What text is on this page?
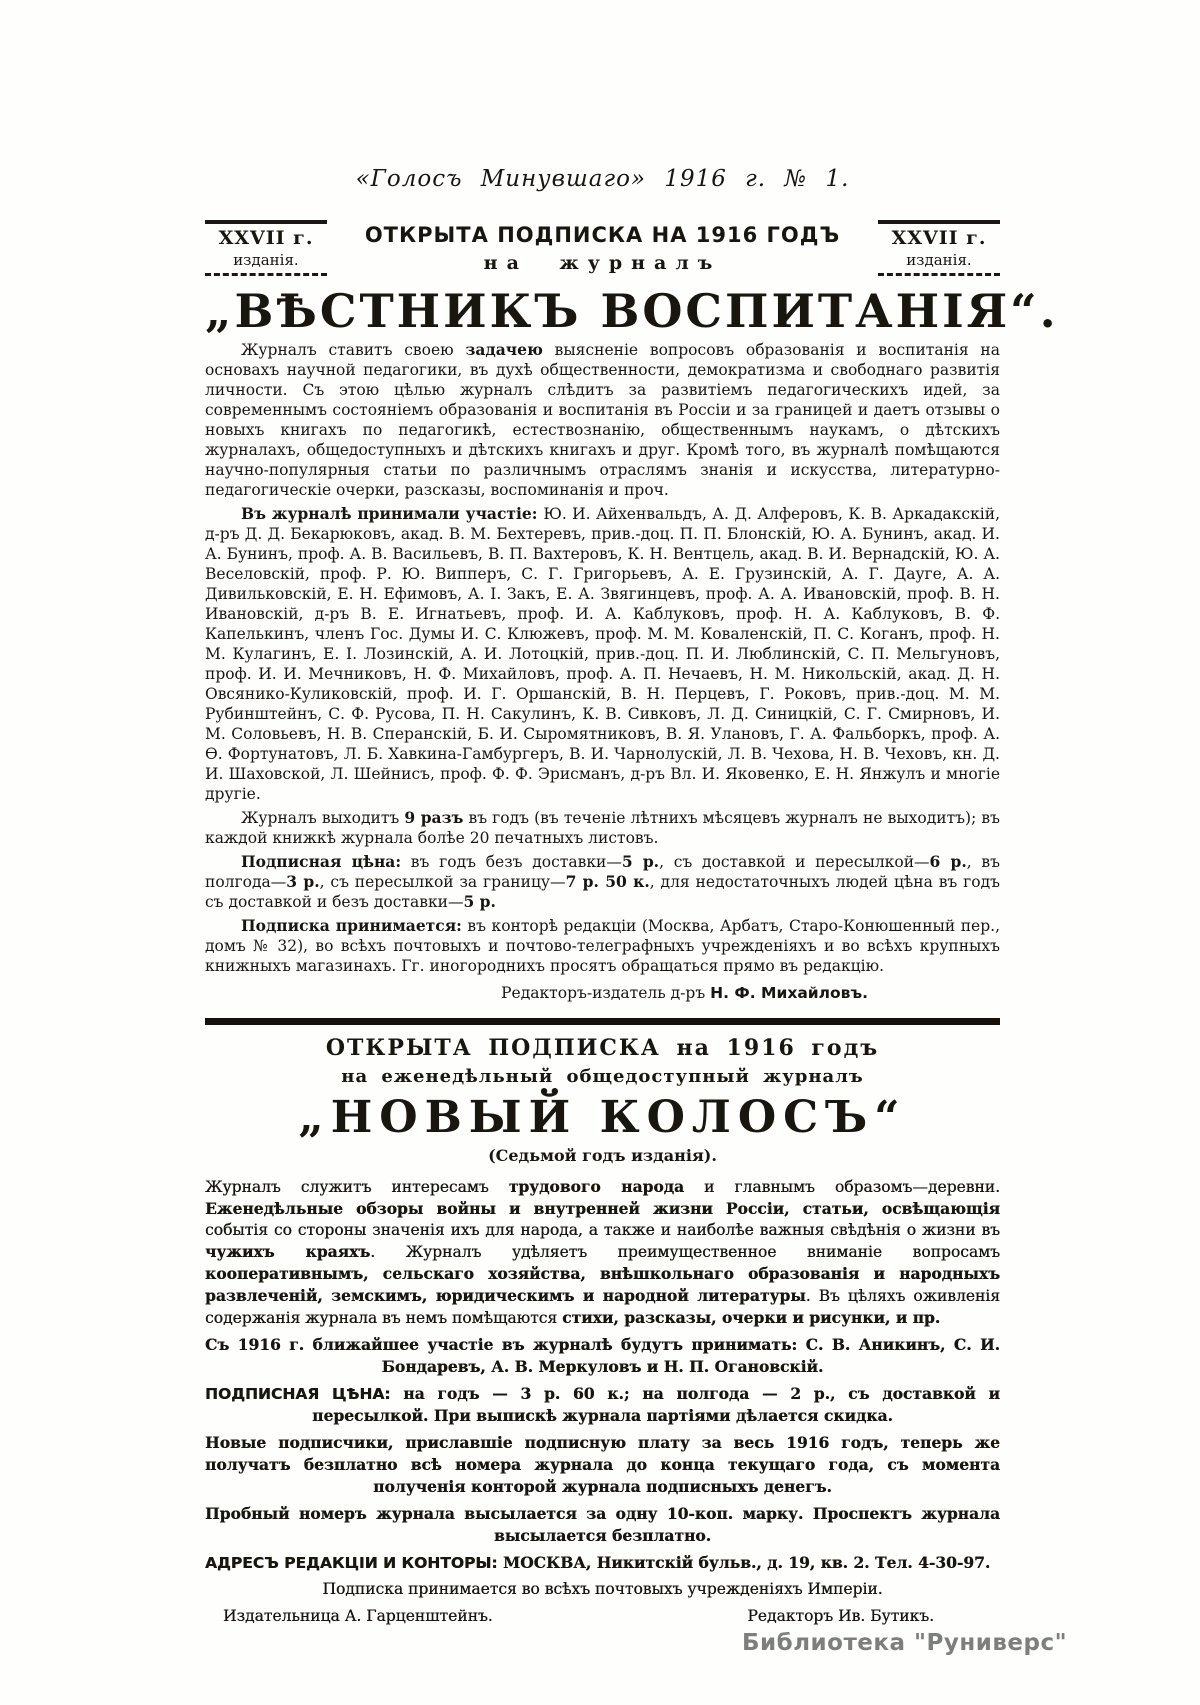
«Голосъ Минувшаго» 1916 г. № 1.
XXVII г.
изданія.
ОТКРЫТА ПОДПИСКА НА 1916 ГОДЪ
на журналъ
XXVII г.
изданія.
„ВѢСТНИКЪ ВОСПИТАНІЯ“.

Журналъ ставитъ своею задачею выясненіе вопросовъ образованія и воспитанія на основахъ научной педагогики, въ духѣ общественности, демократизма и свободнаго развитія личности. Съ этою цѣлью журналъ слѣдитъ за развитіемъ педагогическихъ идей, за современнымъ состояніемъ образованія и воспитанія въ Россіи и за границей и даетъ отзывы о новыхъ книгахъ по педагогикѣ, естествознанію, общественнымъ наукамъ, о дѣтскихъ журналахъ, общедоступныхъ и дѣтскихъ книгахъ и друг. Кромѣ того, въ журналѣ помѣщаются научно-популярныя статьи по различнымъ отраслямъ знанія и искусства, литературно-педагогическіе очерки, разсказы, воспоминанія и проч.

Въ журналѣ принимали участіе: Ю. И. Айхенвальдъ, А. Д. Алферовъ, К. В. Аркадакскій, д-ръ Д. Д. Бекарюковъ, акад. В. М. Бехтеревъ, прив.-доц. П. П. Блонскій, Ю. А. Бунинъ, акад. И. А. Бунинъ, проф. А. В. Васильевъ, В. П. Вахтеровъ, К. Н. Вентцель, акад. В. И. Вернадскій, Ю. А. Веселовскій, проф. Р. Ю. Випперъ, С. Г. Григорьевъ, А. Е. Грузинскій, А. Г. Дауге, А. А. Дивильковскій, Е. Н. Ефимовъ, А. І. Закъ, Е. А. Звягинцевъ, проф. А. А. Ивановскій, проф. В. Н. Ивановскій, д-ръ В. Е. Игнатьевъ, проф. И. А. Каблуковъ, проф. Н. А. Каблуковъ, В. Ф. Капелькинъ, членъ Гос. Думы И. С. Клюжевъ, проф. М. М. Коваленскій, П. С. Коганъ, проф. Н. М. Кулагинъ, Е. І. Лозинскій, А. И. Лотоцкій, прив.-доц. П. И. Люблинскій, С. П. Мельгуновъ, проф. И. И. Мечниковъ, Н. Ф. Михайловъ, проф. А. П. Нечаевъ, Н. М. Никольскій, акад. Д. Н. Овсянико-Куликовскій, проф. И. Г. Оршанскій, В. Н. Перцевъ, Г. Роковъ, прив.-доц. М. М. Рубинштейнъ, С. Ф. Русова, П. Н. Сакулинъ, К. В. Сивковъ, Л. Д. Синицкій, С. Г. Смирновъ, И. М. Соловьевъ, Н. В. Сперанскій, Б. И. Сыромятниковъ, В. Я. Улановъ, Г. А. Фальборкъ, проф. А. Ѳ. Фортунатовъ, Л. Б. Хавкина-Гамбургеръ, В. И. Чарнолускій, Л. В. Чехова, Н. В. Чеховъ, кн. Д. И. Шаховской, Л. Шейнисъ, проф. Ф. Ф. Эрисманъ, д-ръ Вл. И. Яковенко, Е. Н. Янжулъ и многіе другіе.

Журналъ выходитъ 9 разъ въ годъ (въ теченіе лѣтнихъ мѣсяцевъ журналъ не выходитъ); въ каждой книжкѣ журнала болѣе 20 печатныхъ листовъ.

Подписная цѣна: въ годъ безъ доставки—5 р., съ доставкой и пересылкой—6 р., въ полгода—3 р., съ пересылкой за границу—7 р. 50 к., для недостаточныхъ людей цѣна въ годъ съ доставкой и безъ доставки—5 р.

Подписка принимается: въ конторѣ редакціи (Москва, Арбатъ, Старо-Конюшенный пер., домъ № 32), во всѣхъ почтовыхъ и почтово-телеграфныхъ учрежденіяхъ и во всѣхъ крупныхъ книжныхъ магазинахъ. Гг. иногороднихъ просятъ обращаться прямо въ редакцію.

Редакторъ-издатель д-ръ Н. Ф. Михайловъ.

ОТКРЫТА ПОДПИСКА на 1916 годъ
на еженедѣльный общедоступный журналъ
„НОВЫЙ КОЛОСЪ“
(Седьмой годъ изданія).

Журналъ служитъ интересамъ трудового народа и главнымъ образомъ—деревни. Еженедѣльные обзоры войны и внутренней жизни Россіи, статьи, освѣщающія событія со стороны значенія ихъ для народа, а также и наиболѣе важныя свѣдѣнія о жизни въ чужихъ краяхъ. Журналъ удѣляетъ преимущественное вниманіе вопросамъ кооперативнымъ, сельскаго хозяйства, внѣшкольнаго образованія и народныхъ развлеченій, земскимъ, юридическимъ и народной литературы. Въ цѣляхъ оживленія содержанія журнала въ немъ помѣщаются стихи, разсказы, очерки и рисунки, и пр.

Съ 1916 г. ближайшее участіе въ журналѣ будутъ принимать: С. В. Аникинъ, С. И. Бондаревъ, А. В. Меркуловъ и Н. П. Огановскій.

ПОДПИСНАЯ ЦѢНА: на годъ — 3 р. 60 к.; на полгода — 2 р., съ доставкой и пересылкой. При выпискѣ журнала партіями дѣлается скидка.

Новые подписчики, приславшіе подписную плату за весь 1916 годъ, теперь же получатъ безплатно всѣ номера журнала до конца текущаго года, съ момента полученія конторой журнала подписныхъ денегъ.

Пробный номеръ журнала высылается за одну 10-коп. марку. Проспектъ журнала высылается безплатно.

АДРЕСЪ РЕДАКЦІИ И КОНТОРЫ: МОСКВА, Никитскій бульв., д. 19, кв. 2. Тел. 4-30-97.

Подписка принимается во всѣхъ почтовыхъ учрежденіяхъ Имперіи.

Издательница А. Гарценштейнъ.	Редакторъ Ив. Бутикъ.

Библиотека "Руниверс"
